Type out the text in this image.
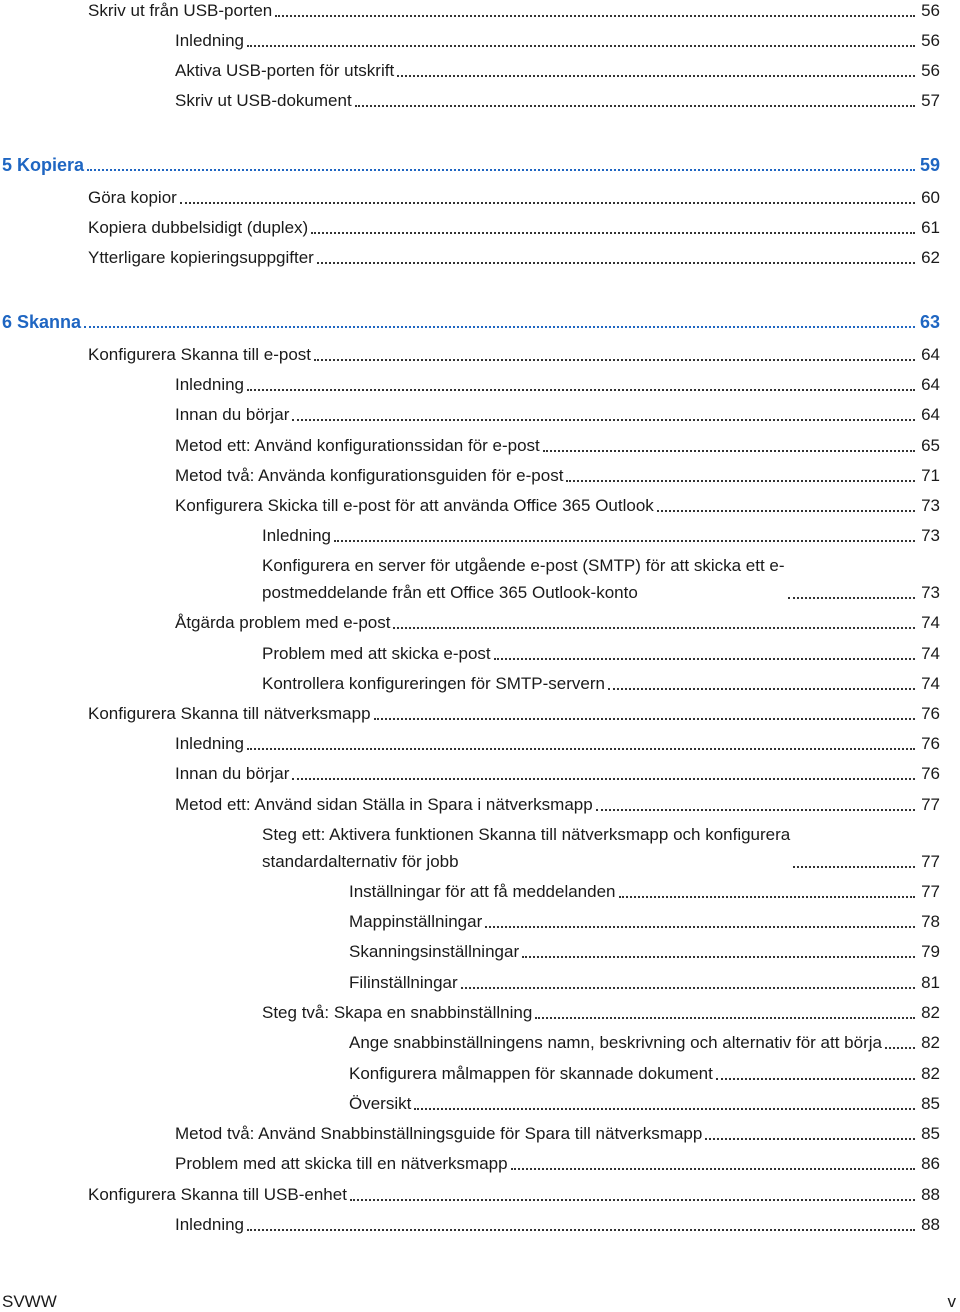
Skriv ut från USB-porten	56
Inledning	56
Aktiva USB-porten för utskrift	56
Skriv ut USB-dokument	57
5 Kopiera	59
Göra kopior	60
Kopiera dubbelsidigt (duplex)	61
Ytterligare kopieringsuppgifter	62
6 Skanna	63
Konfigurera Skanna till e-post	64
Inledning	64
Innan du börjar	64
Metod ett: Använd konfigurationssidan för e-post	65
Metod två: Använda konfigurationsguiden för e-post	71
Konfigurera Skicka till e-post för att använda Office 365 Outlook	73
Inledning	73
Konfigurera en server för utgående e-post (SMTP) för att skicka ett e-
postmeddelande från ett Office 365 Outlook-konto	73
Åtgärda problem med e-post	74
Problem med att skicka e-post	74
Kontrollera konfigureringen för SMTP-servern	74
Konfigurera Skanna till nätverksmapp	76
Inledning	76
Innan du börjar	76
Metod ett: Använd sidan Ställa in Spara i nätverksmapp	77
Steg ett: Aktivera funktionen Skanna till nätverksmapp och konfigurera
standardalternativ för jobb	77
Inställningar för att få meddelanden	77
Mappinställningar	78
Skanningsinställningar	79
Filinställningar	81
Steg två: Skapa en snabbinställning	82
Ange snabbinställningens namn, beskrivning och alternativ för att börja 82
Konfigurera målmappen för skannade dokument	82
Översikt	85
Metod två: Använd Snabbinställningsguide för Spara till nätverksmapp	85
Problem med att skicka till en nätverksmapp	86
Konfigurera Skanna till USB-enhet	88
Inledning	88
SVWW	v
